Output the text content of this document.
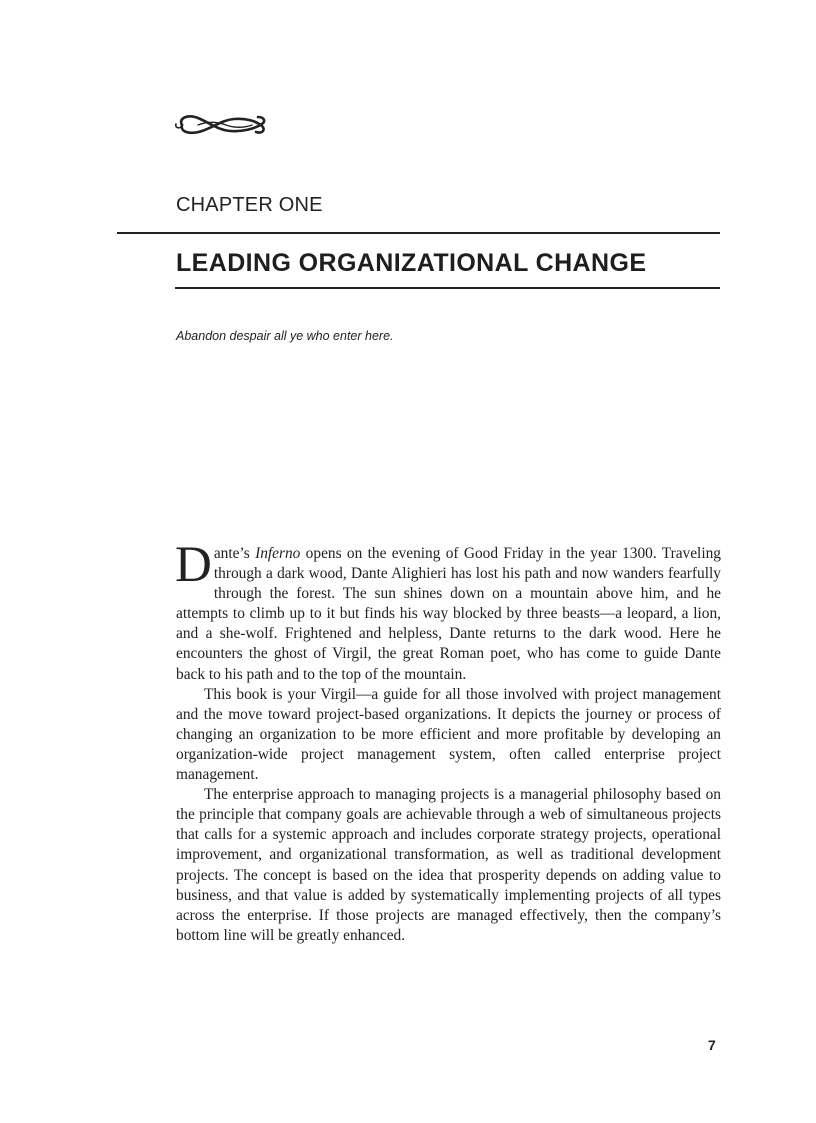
CHAPTER ONE
LEADING ORGANIZATIONAL CHANGE
Abandon despair all ye who enter here.

Dante’s Inferno opens on the evening of Good Friday in the year 1300. Traveling through a dark wood, Dante Alighieri has lost his path and now wanders fearfully through the forest. The sun shines down on a mountain above him, and he attempts to climb up to it but finds his way blocked by three beasts—a leopard, a lion, and a she-wolf. Frightened and helpless, Dante returns to the dark wood. Here he encounters the ghost of Virgil, the great Roman poet, who has come to guide Dante back to his path and to the top of the mountain.

This book is your Virgil—a guide for all those involved with project management and the move toward project-based organizations. It depicts the journey or process of changing an organization to be more efficient and more profitable by developing an organization-wide project management system, often called enterprise project management.

The enterprise approach to managing projects is a managerial philosophy based on the principle that company goals are achievable through a web of simultaneous projects that calls for a systemic approach and includes corporate strategy projects, operational improvement, and organizational transformation, as well as traditional development projects. The concept is based on the idea that prosperity depends on adding value to business, and that value is added by systematically implementing projects of all types across the enterprise. If those projects are managed effectively, then the company’s bottom line will be greatly enhanced.

7
